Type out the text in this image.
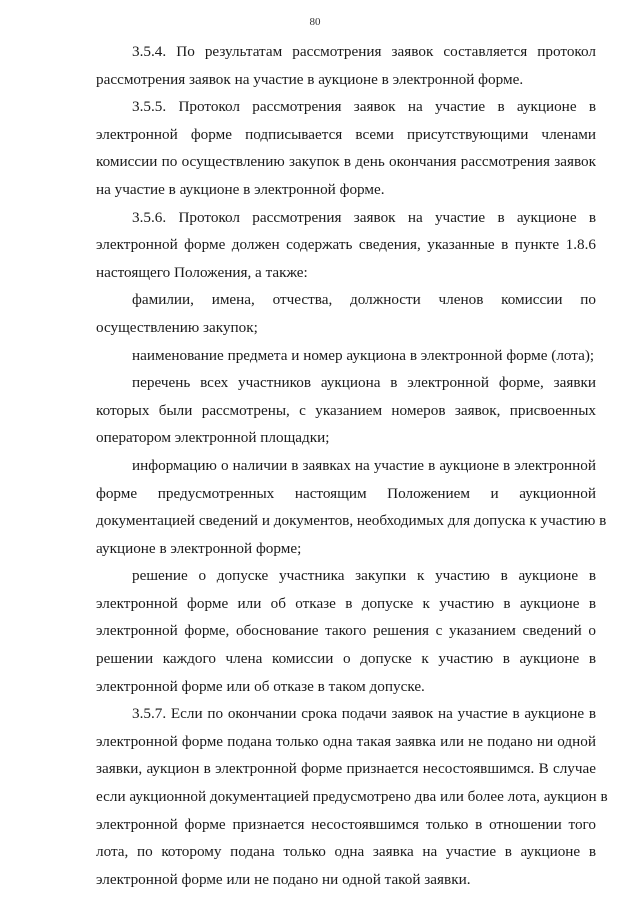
80
3.5.4. По результатам рассмотрения заявок составляется протокол
рассмотрения заявок на участие в аукционе в электронной форме.
3.5.5. Протокол рассмотрения заявок на участие в аукционе в
электронной форме подписывается всеми присутствующими членами
комиссии по осуществлению закупок в день окончания рассмотрения заявок
на участие в аукционе в электронной форме.
3.5.6. Протокол рассмотрения заявок на участие в аукционе в
электронной форме должен содержать сведения, указанные в пункте 1.8.6
настоящего Положения, а также:
фамилии, имена, отчества, должности членов комиссии по
осуществлению закупок;
наименование предмета и номер аукциона в электронной форме (лота);
перечень всех участников аукциона в электронной форме, заявки
которых были рассмотрены, с указанием номеров заявок, присвоенных
оператором электронной площадки;
информацию о наличии в заявках на участие в аукционе в электронной
форме предусмотренных настоящим Положением и аукционной
документацией сведений и документов, необходимых для допуска к участию в
аукционе в электронной форме;
решение о допуске участника закупки к участию в аукционе в
электронной форме или об отказе в допуске к участию в аукционе в
электронной форме, обоснование такого решения с указанием сведений о
решении каждого члена комиссии о допуске к участию в аукционе в
электронной форме или об отказе в таком допуске.
3.5.7. Если по окончании срока подачи заявок на участие в аукционе в
электронной форме подана только одна такая заявка или не подано ни одной
заявки, аукцион в электронной форме признается несостоявшимся. В случае
если аукционной документацией предусмотрено два или более лота, аукцион в
электронной форме признается несостоявшимся только в отношении того
лота, по которому подана только одна заявка на участие в аукционе в
электронной форме или не подано ни одной такой заявки.
